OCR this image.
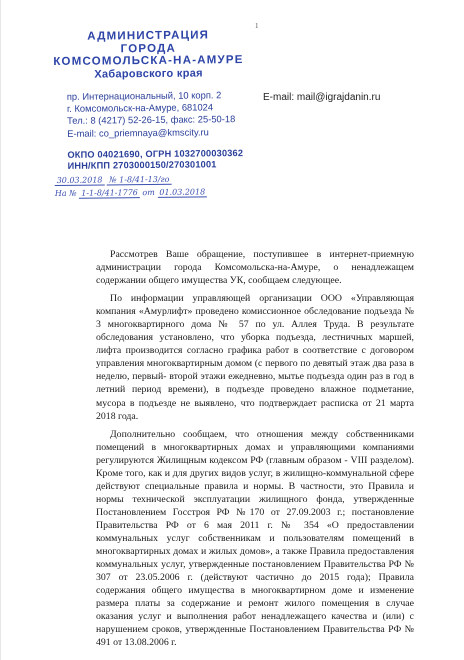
1
АДМИНИСТРАЦИЯ
ГОРОДА
КОМСОМОЛЬСКА-НА-АМУРЕ
Хабаровского края
пр. Интернациональный, 10 корп. 2
г. Комсомольск-на-Амуре, 681024
Тел.: 8 (4217) 52-26-15, факс: 25-50-18
E-mail: co_priemnaya@kmscity.ru
ОКПО 04021690, ОГРН 1032700030362
ИНН/КПП 2703000150/270301001
30.03.2018 № 1-8/41-13/го
На № 1-1-8/41-1776 от 01.03.2018
E-mail: mail@igrajdanin.ru

Рассмотрев Ваше обращение, поступившее в интернет-приемную администрации города Комсомольска-на-Амуре, о ненадлежащем содержании общего имущества УК, сообщаем следующее.

По информации управляющей организации ООО «Управляющая компания «Амурлифт» проведено комиссионное обследование подъезда № 3 многоквартирного дома № 57 по ул. Аллея Труда. В результате обследования установлено, что уборка подъезда, лестничных маршей, лифта производится согласно графика работ в соответствие с договором управления многоквартирным домом (с первого по девятый этаж два раза в неделю, первый- второй этажи ежедневно, мытье подъезда один раз в год в летний период времени), в подъезде проведено влажное подметание, мусора в подъезде не выявлено, что подтверждает расписка от 21 марта 2018 года.

Дополнительно сообщаем, что отношения между собственниками помещений в многоквартирных домах и управляющими компаниями регулируются Жилищным кодексом РФ (главным образом - VIII разделом). Кроме того, как и для других видов услуг, в жилищно-коммунальной сфере действуют специальные правила и нормы. В частности, это Правила и нормы технической эксплуатации жилищного фонда, утвержденные Постановлением Госстроя РФ №170 от 27.09.2003 г.; постановление Правительства РФ от 6 мая 2011 г. № 354 «О предоставлении коммунальных услуг собственникам и пользователям помещений в многоквартирных домах и жилых домов», а также Правила предоставления коммунальных услуг, утвержденные постановлением Правительства РФ № 307 от 23.05.2006 г. (действуют частично до 2015 года); Правила содержания общего имущества в многоквартирном доме и изменение размера платы за содержание и ремонт жилого помещения в случае оказания услуг и выполнения работ ненадлежащего качества и (или) с нарушением сроков, утвержденные Постановлением Правительства РФ № 491 от 13.08.2006 г.
